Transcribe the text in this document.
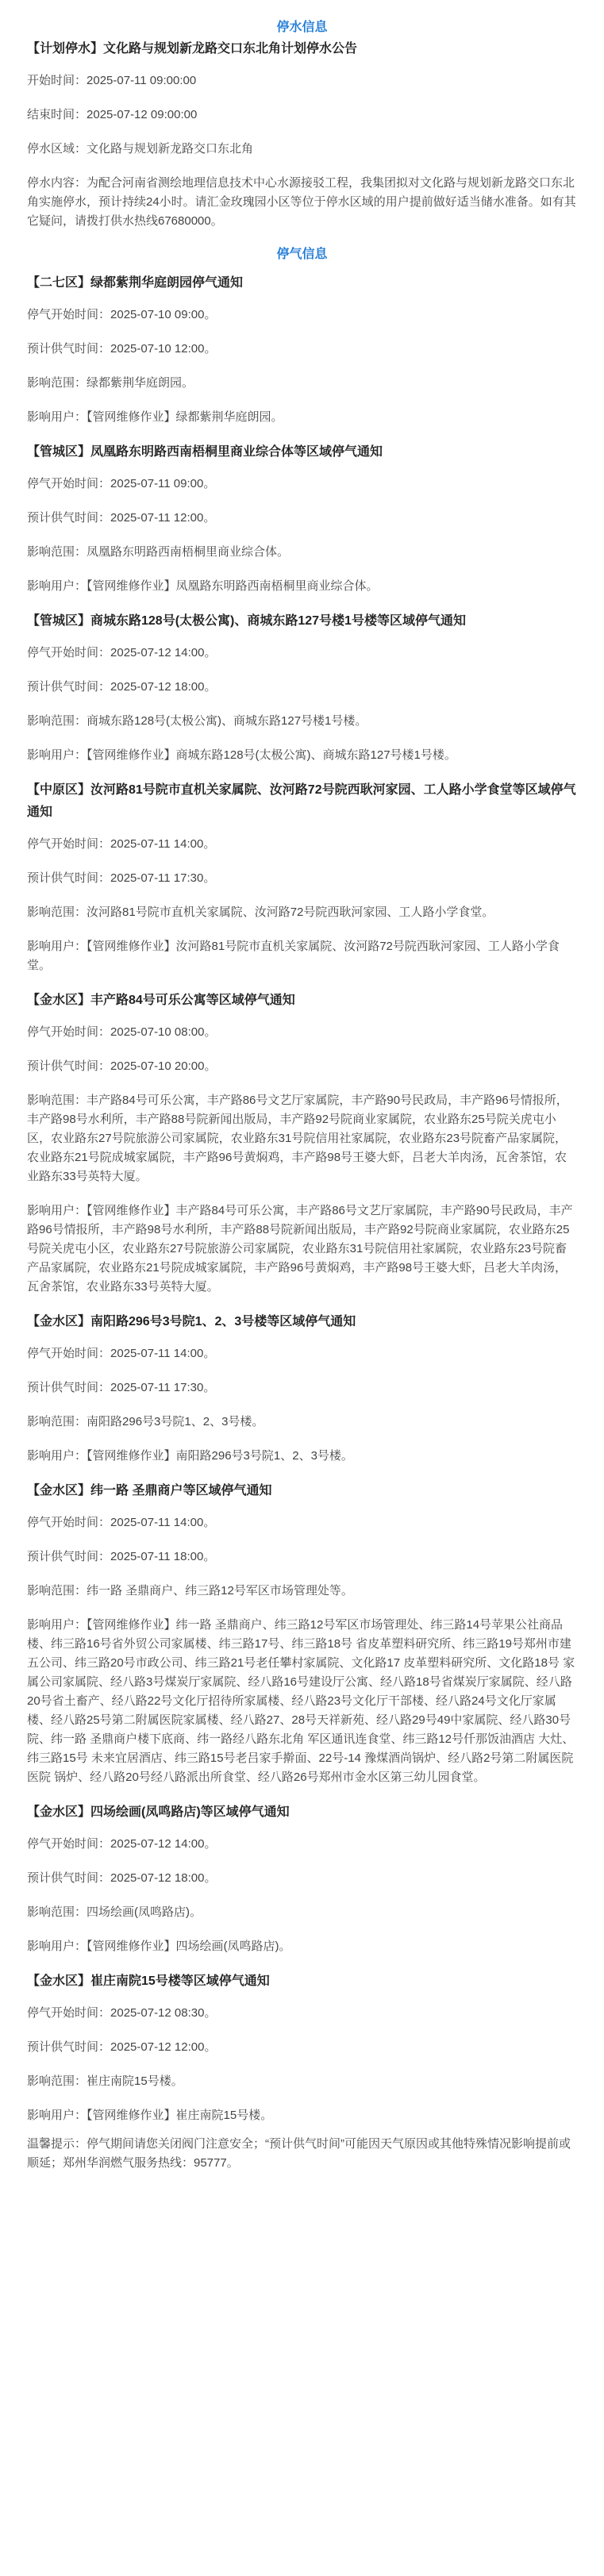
停水信息
【计划停水】文化路与规划新龙路交口东北角计划停水公告
开始时间：2025-07-11 09:00:00
结束时间：2025-07-12 09:00:00
停水区域：文化路与规划新龙路交口东北角
停水内容：为配合河南省测绘地理信息技术中心水源接驳工程，我集团拟对文化路与规划新龙路交口东北角实施停水，预计持续24小时。请汇金玫瑰园小区等位于停水区域的用户提前做好适当储水准备。如有其它疑问，请拨打供水热线67680000。
停气信息
【二七区】绿都紫荆华庭朗园停气通知
停气开始时间：2025-07-10 09:00。
预计供气时间：2025-07-10 12:00。
影响范围：绿都紫荆华庭朗园。
影响用户：【管网维修作业】绿都紫荆华庭朗园。
【管城区】凤凰路东明路西南梧桐里商业综合体等区域停气通知
停气开始时间：2025-07-11 09:00。
预计供气时间：2025-07-11 12:00。
影响范围：凤凰路东明路西南梧桐里商业综合体。
影响用户：【管网维修作业】凤凰路东明路西南梧桐里商业综合体。
【管城区】商城东路128号(太极公寓)、商城东路127号楼1号楼等区域停气通知
停气开始时间：2025-07-12 14:00。
预计供气时间：2025-07-12 18:00。
影响范围：商城东路128号(太极公寓)、商城东路127号楼1号楼。
影响用户：【管网维修作业】商城东路128号(太极公寓)、商城东路127号楼1号楼。
【中原区】汝河路81号院市直机关家属院、汝河路72号院西耿河家园、工人路小学食堂等区域停气通知
停气开始时间：2025-07-11 14:00。
预计供气时间：2025-07-11 17:30。
影响范围：汝河路81号院市直机关家属院、汝河路72号院西耿河家园、工人路小学食堂。
影响用户：【管网维修作业】汝河路81号院市直机关家属院、汝河路72号院西耿河家园、工人路小学食堂。
【金水区】丰产路84号可乐公寓等区域停气通知
停气开始时间：2025-07-10 08:00。
预计供气时间：2025-07-10 20:00。
影响范围：丰产路84号可乐公寓，丰产路86号文艺厅家属院，丰产路90号民政局，丰产路96号情报所，丰产路98号水利所，丰产路88号院新闻出版局，丰产路92号院商业家属院，农业路东25号院关虎屯小区，农业路东27号院旅游公司家属院，农业路东31号院信用社家属院，农业路东23号院畜产品家属院，农业路东21号院成城家属院，丰产路96号黄焖鸡，丰产路98号王婆大虾，吕老大羊肉汤，瓦舍茶馆，农业路东33号英特大厦。
影响用户：【管网维修作业】丰产路84号可乐公寓，丰产路86号文艺厅家属院，丰产路90号民政局，丰产路96号情报所，丰产路98号水利所，丰产路88号院新闻出版局，丰产路92号院商业家属院，农业路东25号院关虎屯小区，农业路东27号院旅游公司家属院，农业路东31号院信用社家属院，农业路东23号院畜产品家属院，农业路东21号院成城家属院，丰产路96号黄焖鸡，丰产路98号王婆大虾，吕老大羊肉汤，瓦舍茶馆，农业路东33号英特大厦。
【金水区】南阳路296号3号院1、2、3号楼等区域停气通知
停气开始时间：2025-07-11 14:00。
预计供气时间：2025-07-11 17:30。
影响范围：南阳路296号3号院1、2、3号楼。
影响用户：【管网维修作业】南阳路296号3号院1、2、3号楼。
【金水区】纬一路 圣鼎商户等区域停气通知
停气开始时间：2025-07-11 14:00。
预计供气时间：2025-07-11 18:00。
影响范围：纬一路 圣鼎商户、纬三路12号军区市场管理处等。
影响用户：【管网维修作业】纬一路 圣鼎商户、纬三路12号军区市场管理处、纬三路14号苹果公社商品楼、纬三路16号省外贸公司家属楼、纬三路17号、纬三路18号 省皮革塑料研究所、纬三路19号郑州市建五公司、纬三路20号市政公司、纬三路21号老任攀村家属院、文化路17 皮革塑料研究所、文化路18号 家属公司家属院、经八路3号煤炭厅家属院、经八路16号建设厅公寓、经八路18号省煤炭厅家属院、经八路20号省土畜产、经八路22号文化厅招待所家属楼、经八路23号文化厅干部楼、经八路24号文化厅家属楼、经八路25号第二附属医院家属楼、经八路27、28号天祥新苑、经八路29号49中家属院、经八路30号院、纬一路 圣鼎商户楼下底商、纬一路经八路东北角 军区通讯连食堂、纬三路12号仟那饭油酒店 大灶、纬三路15号 未来宜居酒店、纬三路15号老吕家手擀面、22号-14 豫煤酒尚锅炉、经八路2号第二附属医院医院 锅炉、经八路20号经八路派出所食堂、经八路26号郑州市金水区第三幼儿园食堂。
【金水区】四场绘画(凤鸣路店)等区域停气通知
停气开始时间：2025-07-12 14:00。
预计供气时间：2025-07-12 18:00。
影响范围：四场绘画(凤鸣路店)。
影响用户：【管网维修作业】四场绘画(凤鸣路店)。
【金水区】崔庄南院15号楼等区域停气通知
停气开始时间：2025-07-12 08:30。
预计供气时间：2025-07-12 12:00。
影响范围：崔庄南院15号楼。
影响用户：【管网维修作业】崔庄南院15号楼。
温馨提示：停气期间请您关闭阀门注意安全；“预计供气时间”可能因天气原因或其他特殊情况影响提前或顺延；郑州华润燃气服务热线：95777。
